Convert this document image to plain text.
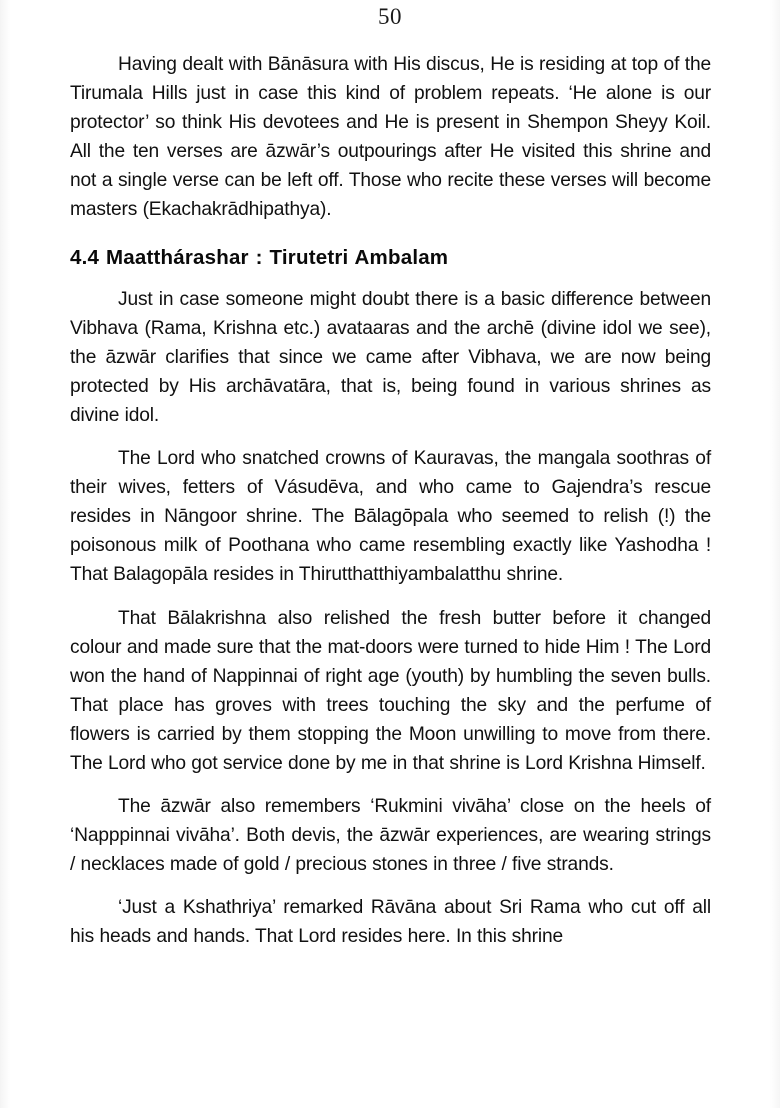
50

Having dealt with Bānāsura with His discus, He is residing at top of the Tirumala Hills just in case this kind of problem repeats. ‘He alone is our protector’ so think His devotees and He is present in Shempon Sheyy Koil. All the ten verses are āzwār’s outpourings after He visited this shrine and not a single verse can be left off. Those who recite these verses will become masters (Ekachakrādhipathya).

4.4 Maatthárashar : Tirutetri Ambalam

Just in case someone might doubt there is a basic difference between Vibhava (Rama, Krishna etc.) avataaras and the archē (divine idol we see), the āzwār clarifies that since we came after Vibhava, we are now being protected by His archāvatāra, that is, being found in various shrines as divine idol.

The Lord who snatched crowns of Kauravas, the mangala soothras of their wives, fetters of Vásudēva, and who came to Gajendra’s rescue resides in Nāngoor shrine. The Bālagōpala who seemed to relish (!) the poisonous milk of Poothana who came resembling exactly like Yashodha ! That Balagopāla resides in Thirutthatthiyambalatthu shrine.

That Bālakrishna also relished the fresh butter before it changed colour and made sure that the mat-doors were turned to hide Him ! The Lord won the hand of Nappinnai of right age (youth) by humbling the seven bulls. That place has groves with trees touching the sky and the perfume of flowers is carried by them stopping the Moon unwilling to move from there. The Lord who got service done by me in that shrine is Lord Krishna Himself.

The āzwār also remembers ‘Rukmini vivāha’ close on the heels of ‘Napppinnai vivāha’. Both devis, the āzwār experiences, are wearing strings / necklaces made of gold / precious stones in three / five strands.

‘Just a Kshathriya’ remarked Rāvāna about Sri Rama who cut off all his heads and hands. That Lord resides here. In this shrine
